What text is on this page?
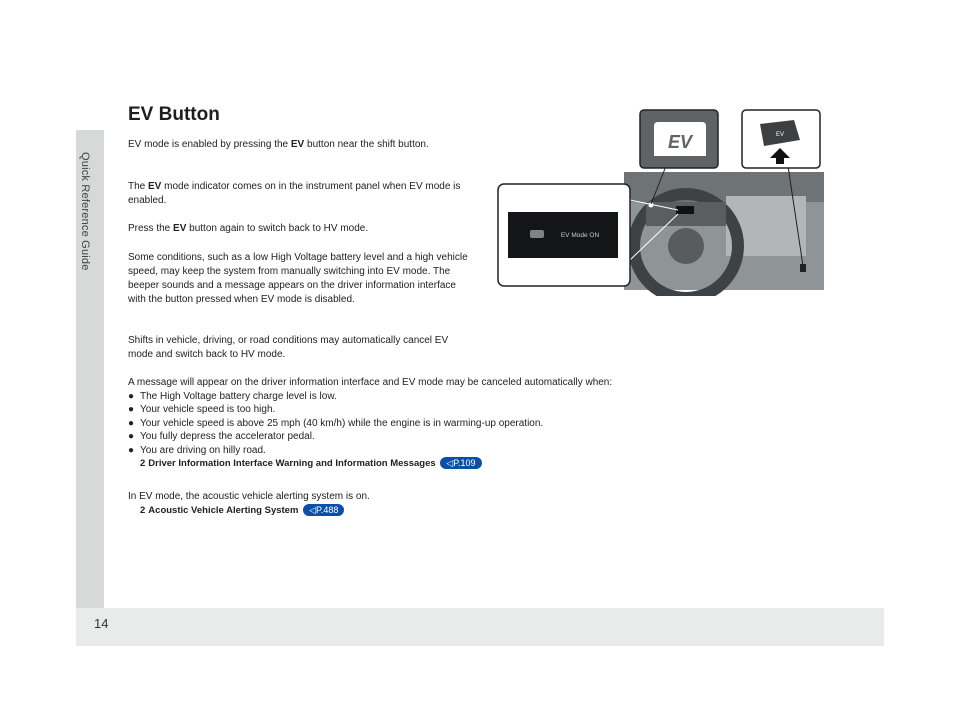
Quick Reference Guide
14
EV Button

EV mode is enabled by pressing the EV button near the shift button.

The EV mode indicator comes on in the instrument panel when EV mode is enabled.

Press the EV button again to switch back to HV mode.

Some conditions, such as a low High Voltage battery level and a high vehicle speed, may keep the system from manually switching into EV mode. The beeper sounds and a message appears on the driver information interface with the button pressed when EV mode is disabled.

Shifts in vehicle, driving, or road conditions may automatically cancel EV mode and switch back to HV mode.

A message will appear on the driver information interface and EV mode may be canceled automatically when:
● The High Voltage battery charge level is low.
● Your vehicle speed is too high.
● Your vehicle speed is above 25 mph (40 km/h) while the engine is in warming-up operation.
● You fully depress the accelerator pedal.
● You are driving on hilly road.
2 Driver Information Interface Warning and Information Messages ◁P.109
In EV mode, the acoustic vehicle alerting system is on.
2 Acoustic Vehicle Alerting System ◁P.488
EV	EV
EV Mode ON
